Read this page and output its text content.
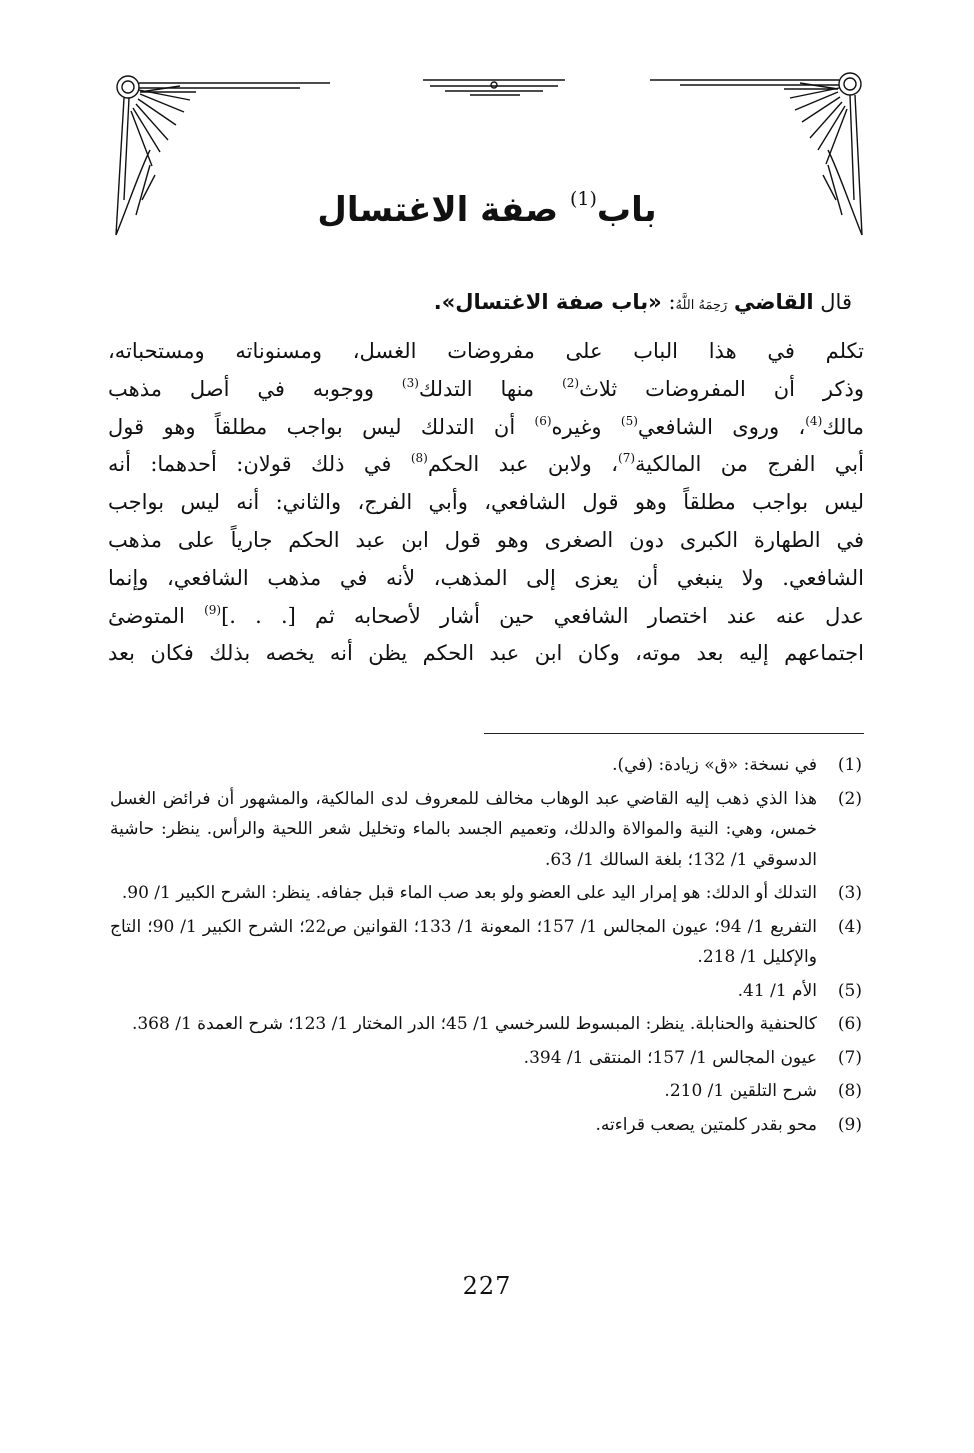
باب$^{(1)}$ صفة الاغتسال
قال القاضي رَحِمَهُ اللَّهُ: «باب صفة الاغتسال».
تكلم في هذا الباب على مفروضات الغسل، ومسنوناته ومستحباته،
وذكر أن المفروضات ثلاث$^{(2)}$ منها التدلك$^{(3)}$ ووجوبه في أصل مذهب
مالك$^{(4)}$، وروى الشافعي$^{(5)}$ وغيره$^{(6)}$ أن التدلك ليس بواجب مطلقاً وهو قول
أبي الفرج من المالكية$^{(7)}$، ولابن عبد الحكم$^{(8)}$ في ذلك قولان: أحدهما: أنه
ليس بواجب مطلقاً وهو قول الشافعي، وأبي الفرج، والثاني: أنه ليس بواجب
في الطهارة الكبرى دون الصغرى وهو قول ابن عبد الحكم جارياً على مذهب
الشافعي. ولا ينبغي أن يعزى إلى المذهب، لأنه في مذهب الشافعي، وإنما
عدل عنه عند اختصار الشافعي حين أشار لأصحابه ثم [. . .]$^{(9)}$ المتوضئ
اجتماعهم إليه بعد موته، وكان ابن عبد الحكم يظن أنه يخصه بذلك فكان بعد
(1)
في نسخة: «ق» زيادة: (في).
(2)
هذا الذي ذهب إليه القاضي عبد الوهاب مخالف للمعروف لدى المالكية، والمشهور أن فرائض الغسل خمس، وهي: النية والموالاة والدلك، وتعميم الجسد بالماء وتخليل شعر اللحية والرأس. ينظر: حاشية الدسوقي 1/ 132؛ بلغة السالك 1/ 63.
(3)
التدلك أو الدلك: هو إمرار اليد على العضو ولو بعد صب الماء قبل جفافه. ينظر: الشرح الكبير 1/ 90.
(4)
التفريع 1/ 94؛ عيون المجالس 1/ 157؛ المعونة 1/ 133؛ القوانين ص22؛ الشرح الكبير 1/ 90؛ التاج والإكليل 1/ 218.
(5)
الأم 1/ 41.
(6)
كالحنفية والحنابلة. ينظر: المبسوط للسرخسي 1/ 45؛ الدر المختار 1/ 123؛ شرح العمدة 1/ 368.
(7)
عيون المجالس 1/ 157؛ المنتقى 1/ 394.
(8)
شرح التلقين 1/ 210.
(9)
محو بقدر كلمتين يصعب قراءته.
227
